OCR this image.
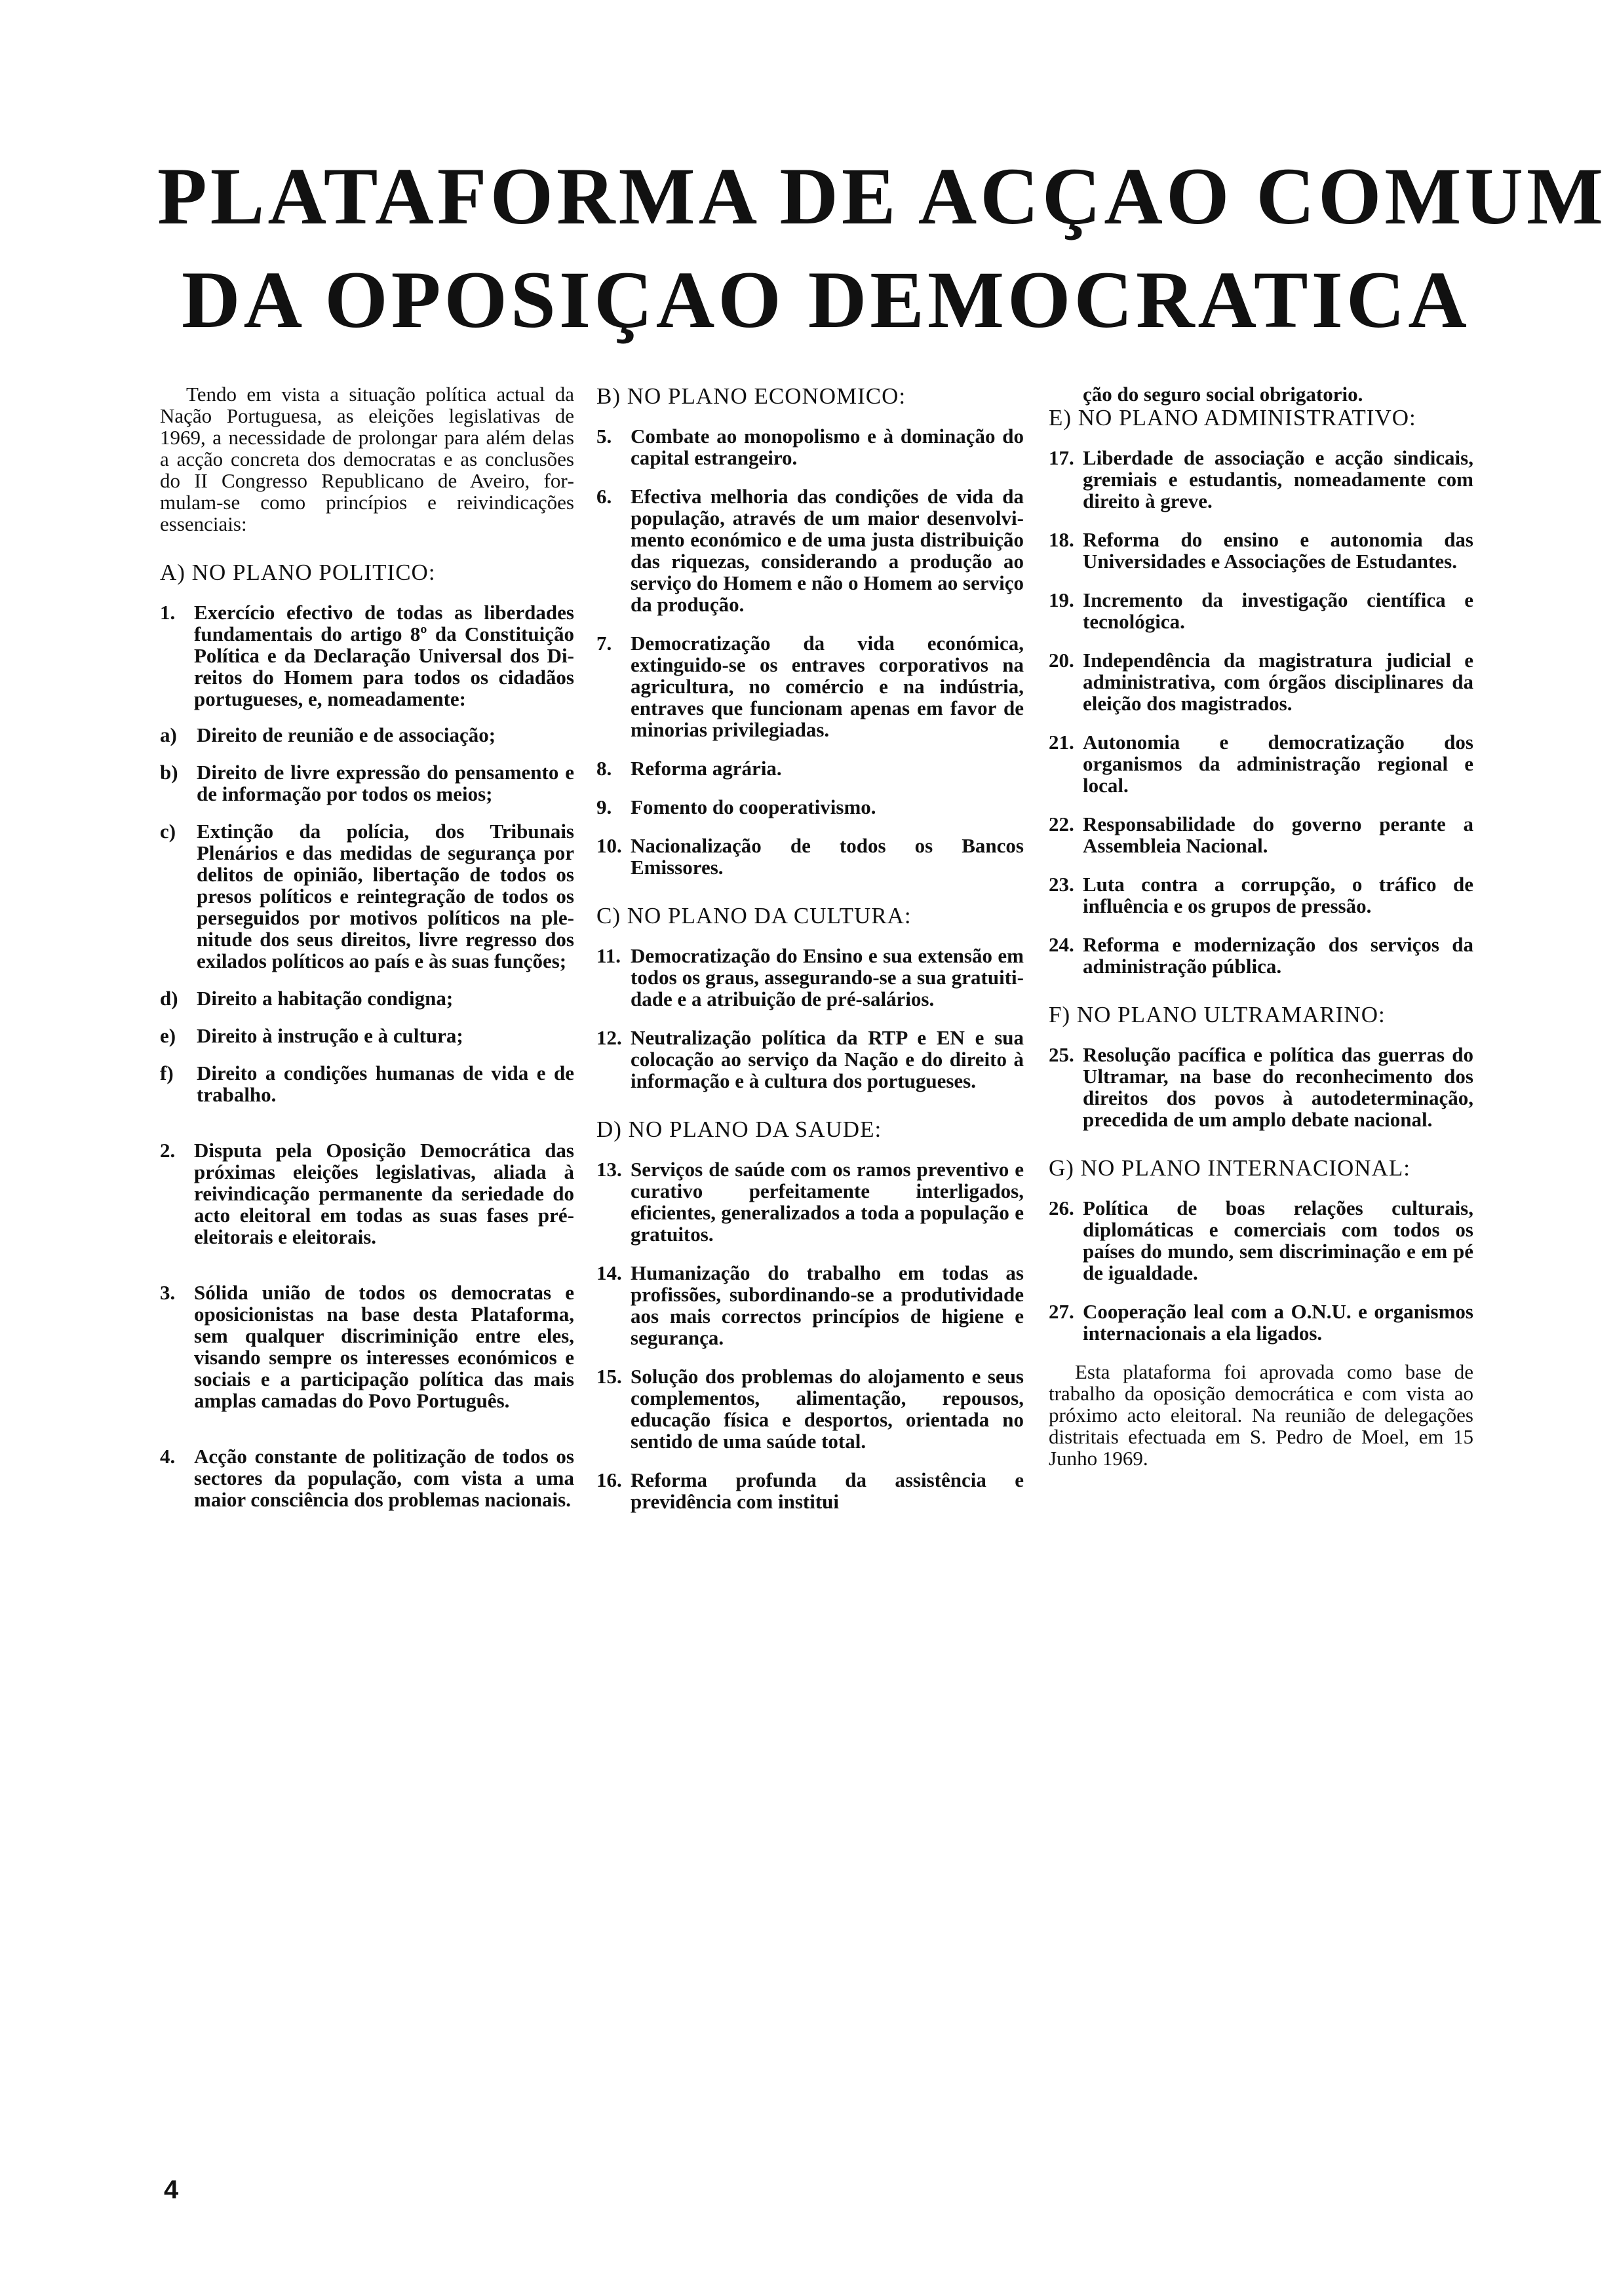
PLATAFORMA DE ACÇAO COMUM
DA OPOSIÇAO DEMOCRATICA

Tendo em vista a situação política actual da Nação Portuguesa, as eleições legislativas de 1969, a necessidade de prolongar para além delas a acção concreta dos democratas e as conclusões do II Congresso Republicano de Aveiro, formulam-se como princípios e reivindicações essenciais:

A) NO PLANO POLITICO:
1. Exercício efectivo de todas as liberdades fundamentais do artigo 8º da Constituição Política e da Declaração Universal dos Direitos do Homem para todos os cidadãos portugueses, e, nomeadamente:
a) Direito de reunião e de associação;
b) Direito de livre expressão do pensamento e de informação por todos os meios;
c)	Extinção da polícia, dos Tribunais Plenários e das medidas de segurança por delitos de opinião, libertação de todos os presos políticos e reintegração de todos os perseguidos por motivos políticos na plenitude dos seus direitos, livre regresso dos exilados políticos ao país e às suas funções;
d) Direito a habitação condigna;
e)	Direito à instrução e à cultura;
f)	Direito a condições humanas de vida e de trabalho.
2. Disputa pela Oposição Democrática das próximas eleições legislativas, aliada à reivindicação permanente da seriedade do acto eleitoral em todas as suas fases pré-eleitorais e eleitorais.
3. Sólida união de todos os democratas e oposicionistas na base desta Plataforma, sem qualquer discriminição entre eles, visando sempre os interesses económicos e sociais e a participação política das mais amplas camadas do Povo Português.
4. Acção constante de politização de todos os sectores da população, com vista a uma maior consciência dos problemas nacionais.
B) NO PLANO ECONOMICO:
5. Combate ao monopolismo e à dominação do capital estrangeiro.
6. Efectiva melhoria das condições de vida da população, através de um maior desenvolvimento económico e de uma justa distribuição das riquezas, considerando a produção ao serviço do Homem e não o Homem ao serviço da produção.
7. Democratização da vida económica, extinguido-se os entraves corporativos na agricultura, no comércio e na indústria, entraves que funcionam apenas em favor de minorias privilegiadas.
8. Reforma agrária.
9. Fomento do cooperativismo.
10. Nacionalização de todos os Bancos Emissores.
C) NO PLANO DA CULTURA:
11. Democratização do Ensino e sua extensão em todos os graus, assegurando-se a sua gratuitidade e a atribuição de pré-salários.
12. Neutralização política da RTP e EN e sua colocação ao serviço da Nação e do direito à informação e à cultura dos portugueses.
D) NO PLANO DA SAUDE:
13. Serviços de saúde com os ramos preventivo e curativo perfeitamente interligados, eficientes, generalizados a toda a população e gratuitos.
14. Humanização do trabalho em todas as profissões, subordinando-se a produtividade aos mais correctos princípios de higiene e segurança.
15. Solução dos problemas do alojamento e seus complementos, alimentação, repousos, educação física e desportos, orientada no sentido de uma saúde total.
16. Reforma profunda da assistência e previdência com institui

ção do seguro social obrigatorio.

E) NO PLANO ADMINISTRATIVO:
17. Liberdade de associação e acção sindicais, gremiais e estudantis, nomeadamente com direito à greve.
18. Reforma do ensino e autonomia das Universidades e Associações de Estudantes.
19. Incremento da investigação científica e tecnológica.
20. Independência da magistratura judicial e administrativa, com órgãos disciplinares da eleição dos magistrados.
21. Autonomia e democratização dos organismos da administração regional e local.
22. Responsabilidade do governo perante a Assembleia Nacional.
23. Luta contra a corrupção, o tráfico de influência e os grupos de pressão.
24. Reforma e modernização dos serviços da administração pública.
F) NO PLANO ULTRAMARINO:
25. Resolução pacífica e política das guerras do Ultramar, na base do reconhecimento dos direitos dos povos à autodeterminação, precedida de um amplo debate nacional.
G) NO PLANO INTERNACIONAL:
26. Política de boas relações culturais, diplomáticas e comerciais com todos os países do mundo, sem discriminação e em pé de igualdade.
27. Cooperação leal com a O.N.U. e organismos internacionais a ela ligados.

Esta plataforma foi aprovada como base de trabalho da oposição democrática e com vista ao próximo acto eleitoral. Na reunião de delegações distritais efectuada em S. Pedro de Moel, em 15 Junho 1969.

4
